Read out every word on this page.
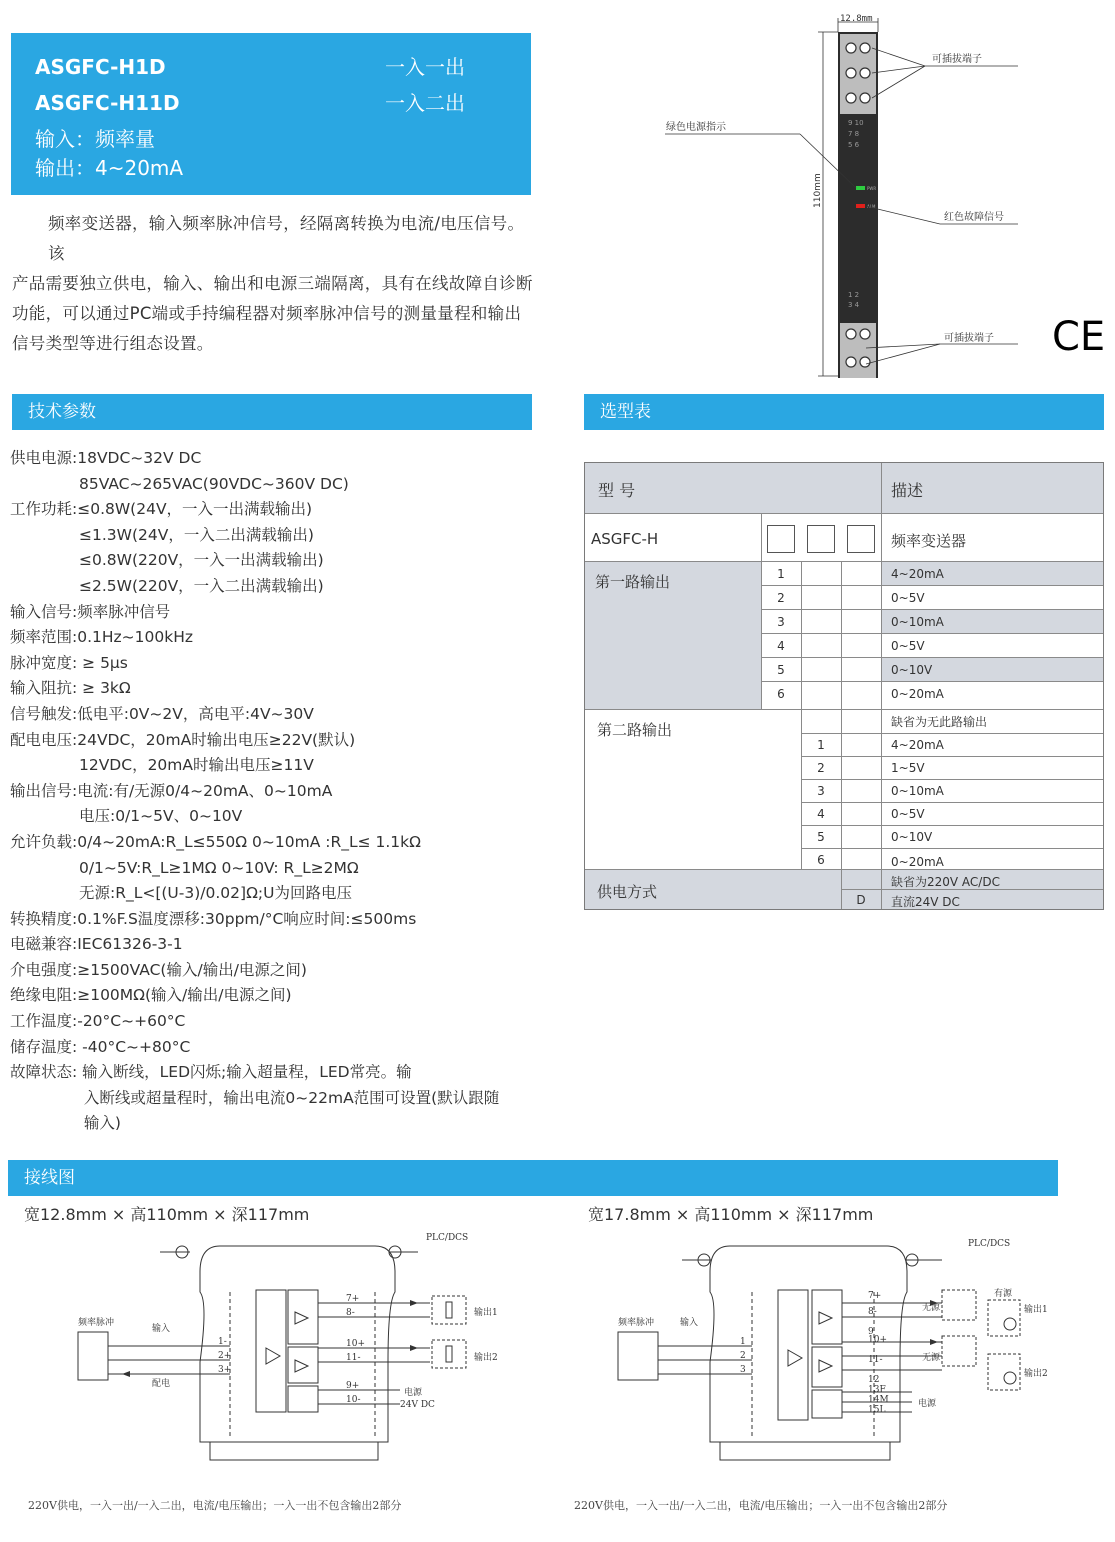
ASGFC-H1D	一入一出
ASGFC-H11D	一入二出
输入：频率量
输出：4~20mA
频率变送器，输入频率脉冲信号，经隔离转换为电流/电压信号。该
产品需要独立供电，输入、输出和电源三端隔离，具有在线故障自诊断
功能，可以通过PC端或手持编程器对频率脉冲信号的测量量程和输出
信号类型等进行组态设置。
12.8mm
110mm
9 10
7 8
5 6
PWR
ALM
1 2
3 4
可插拔端子
绿色电源指示
红色故障信号
可插拔端子 CE
技术参数	选型表
供电电源:18VDC~32V DC
85VAC~265VAC(90VDC~360V DC)
工作功耗:≤0.8W(24V，一入一出满载输出)
≤1.3W(24V，一入二出满载输出)
≤0.8W(220V，一入一出满载输出)
≤2.5W(220V，一入二出满载输出)
输入信号:频率脉冲信号
频率范围:0.1Hz~100kHz
脉冲宽度: ≥ 5μs
输入阻抗: ≥ 3kΩ
信号触发:低电平:0V~2V，高电平:4V~30V
配电电压:24VDC，20mA时输出电压≥22V(默认)
12VDC，20mA时输出电压≥11V
输出信号:电流:有/无源0/4~20mA、0~10mA
电压:0/1~5V、0~10V
允许负载:0/4~20mA:R_L≤550Ω 0~10mA :R_L≤ 1.1kΩ
0/1~5V:R_L≥1MΩ 0~10V: R_L≥2MΩ
无源:R_L<[(U-3)/0.02]Ω;U为回路电压
转换精度:0.1%F.S温度漂移:30ppm/°C响应时间:≤500ms
电磁兼容:IEC61326-3-1
介电强度:≥1500VAC(输入/输出/电源之间)
绝缘电阻:≥100MΩ(输入/输出/电源之间)
工作温度:-20°C~+60°C
储存温度: -40°C~+80°C
故障状态: 输入断线，LED闪烁;输入超量程，LED常亮。输
入断线或超量程时，输出电流0~22mA范围可设置(默认跟随
输入)
型 号	描述
ASGFC-H	频率变送器
第一路输出	1	4~20mA
2	0~5V
3	0~10mA
4	0~5V
5	0~10V
6	0~20mA
第二路输出	缺省为无此路输出
1	4~20mA
2	1~5V
3	0~10mA
4	0~5V
5	0~10V
6	0~20mA
供电方式
缺省为220V AC/DC
D	直流24V DC
接线图
宽12.8mm × 高110mm × 深117mm	宽17.8mm × 高110mm × 深117mm
PLC/DCS
频率脉冲
输入
配电
输出1
输出2
电源
24V DC
1-
2+
3+
7+
8-
10+
11-
9+
10-
PLC/DCS
频率脉冲	输入
输出1
输出2
电源
有源
无源
无源
1
2
3
7+
8-
9
10+
11-
12
13F
14M
15L
220V供电，一入一出/一入二出，电流/电压输出；一入一出不包含输出2部分	220V供电，一入一出/一入二出，电流/电压输出；一入一出不包含输出2部分
